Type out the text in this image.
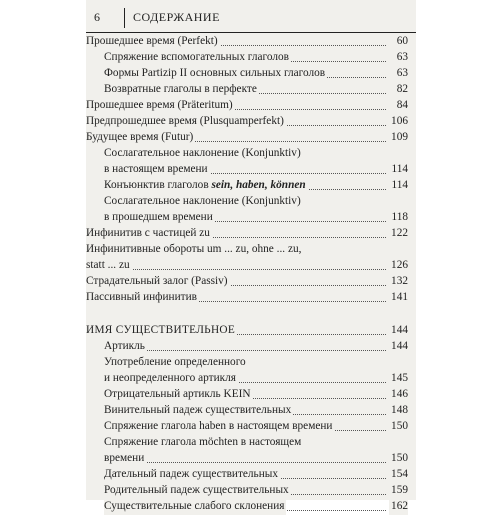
6	СОДЕРЖАНИЕ
Прошедшее время (Perfekt)	60
Спряжение вспомогательных глаголов	63
Формы Partizip II основных сильных глаголов	63
Возвратные глаголы в перфекте	82
Прошедшее время (Präteritum)	84
Предпрошедшее время (Plusquamperfekt)	106
Будущее время (Futur)	109
Сослагательное наклонение (Konjunktiv)
в настоящем времени	114
Конъюнктив глаголов sein, haben, können	114
Сослагательное наклонение (Konjunktiv)
в прошедшем времени	118
Инфинитив с частицей zu	122
Инфинитивные обороты um ... zu, ohne ... zu,
statt ... zu	126
Страдательный залог (Passiv)	132
Пассивный инфинитив	141
ИМЯ СУЩЕСТВИТЕЛЬНОЕ	144
Артикль	144
Употребление определенного
и неопределенного артикля	145
Отрицательный артикль KEIN	146
Винительный падеж существительных	148
Спряжение глагола haben в настоящем времени	150
Спряжение глагола möchten в настоящем
времени	150
Дательный падеж существительных	154
Родительный падеж существительных	159
Существительные слабого склонения	162
